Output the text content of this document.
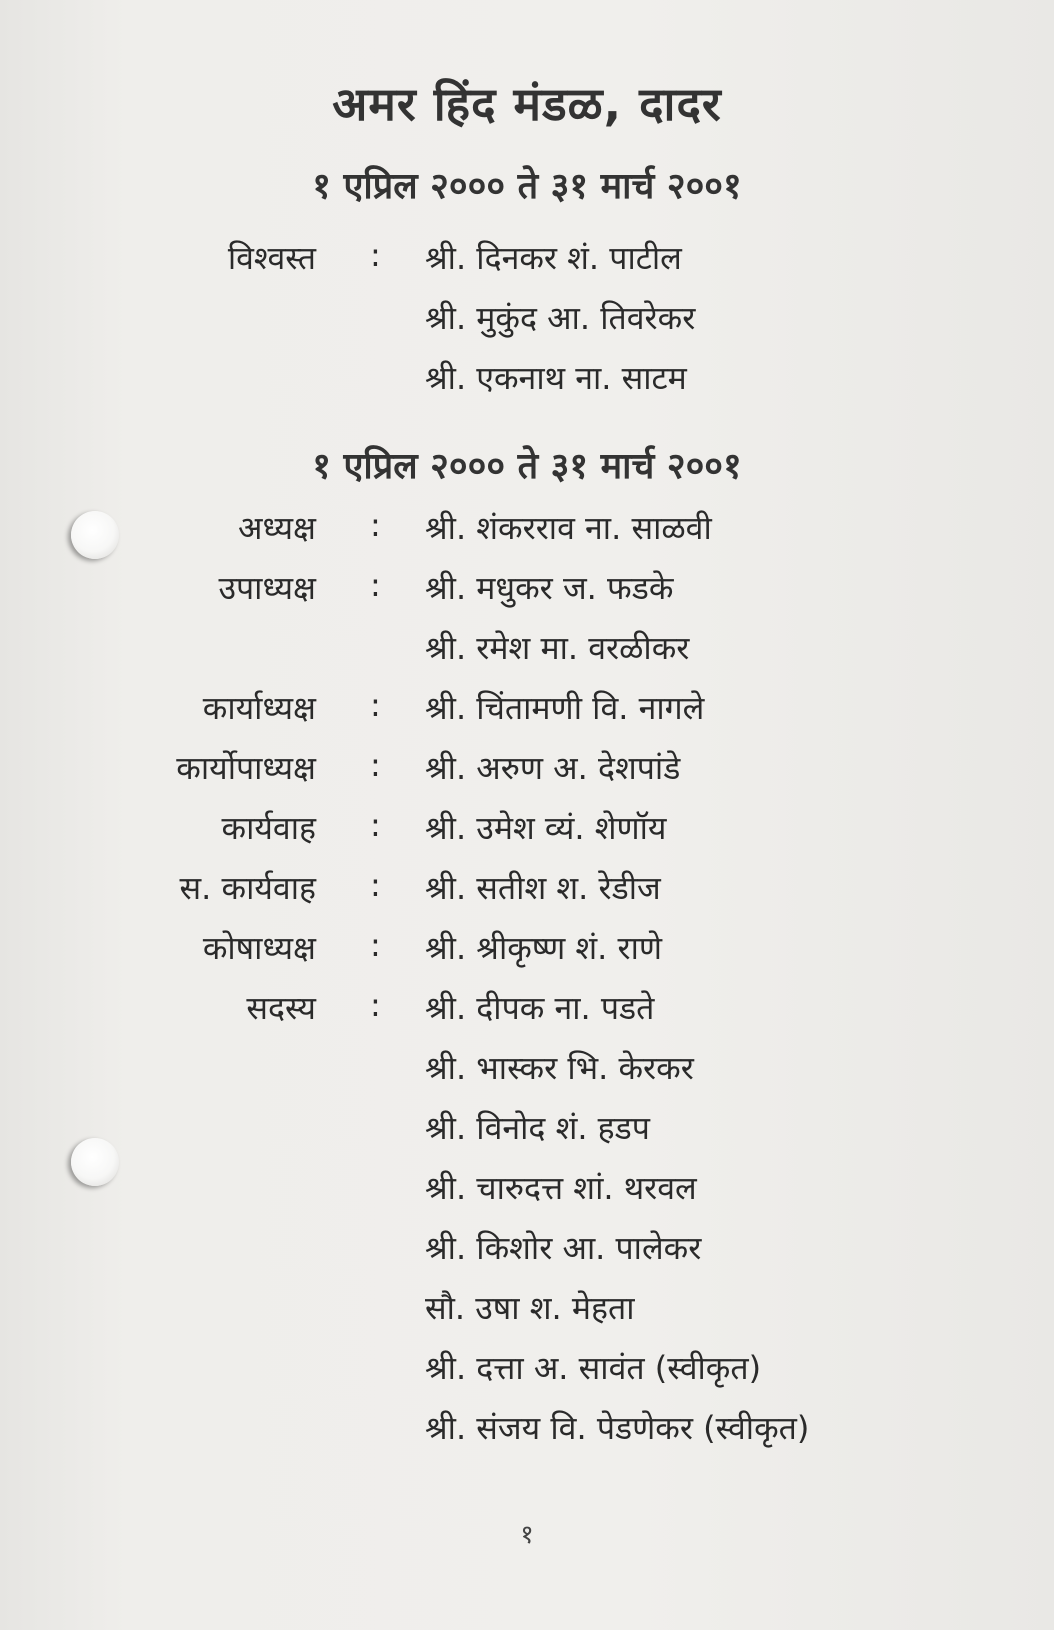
अमर हिंद मंडळ, दादर
१ एप्रिल २००० ते ३१ मार्च २००१
विश्वस्त : श्री. दिनकर शं. पाटील
श्री. मुकुंद आ. तिवरेकर
श्री. एकनाथ ना. साटम
१ एप्रिल २००० ते ३१ मार्च २००१
अध्यक्ष : श्री. शंकरराव ना. साळवी
उपाध्यक्ष : श्री. मधुकर ज. फडके
श्री. रमेश मा. वरळीकर
कार्याध्यक्ष : श्री. चिंतामणी वि. नागले
कार्योपाध्यक्ष : श्री. अरुण अ. देशपांडे
कार्यवाह : श्री. उमेश व्यं. शेणॉय
स. कार्यवाह : श्री. सतीश श. रेडीज
कोषाध्यक्ष : श्री. श्रीकृष्ण शं. राणे
सदस्य : श्री. दीपक ना. पडते
श्री. भास्कर भि. केरकर
श्री. विनोद शं. हडप
श्री. चारुदत्त शां. थरवल
श्री. किशोर आ. पालेकर
सौ. उषा श. मेहता
श्री. दत्ता अ. सावंत (स्वीकृत)
श्री. संजय वि. पेडणेकर (स्वीकृत)
१
